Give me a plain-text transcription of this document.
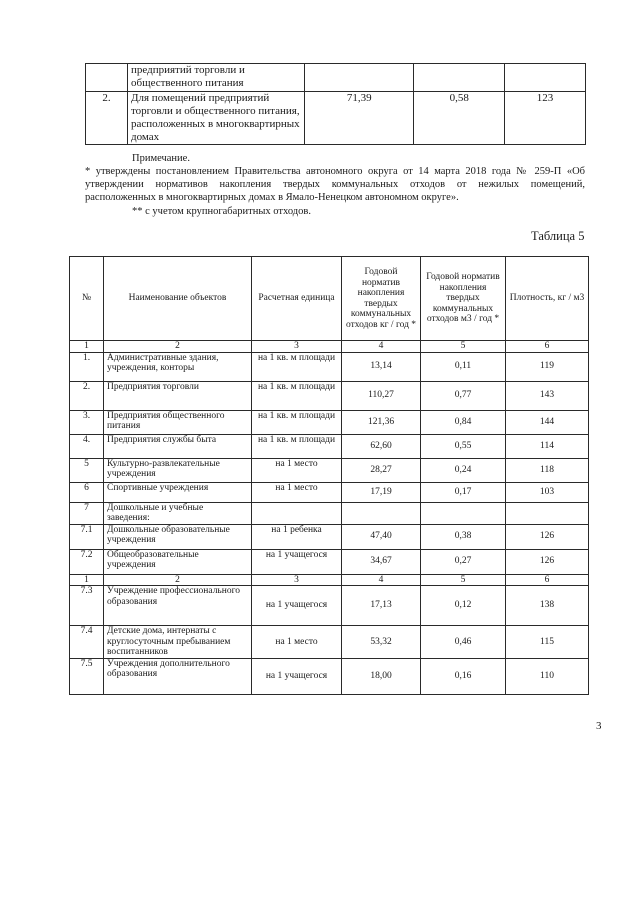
	предприятий торговли и общественного питания			
2.	Для помещений предприятий торговли и общественного питания, расположенных в многоквартирных домах	71,39	0,58	123
Примечание.
* утверждены постановлением Правительства автономного округа от 14 марта 2018 года № 259-П «Об утверждении нормативов накопления твердых коммунальных отходов от нежилых помещений, расположенных в многоквартирных домах в Ямало-Ненецком автономном округе».
** с учетом крупногабаритных отходов.
Таблица 5
№	Наименование объектов	Расчетная единица	Годовой норматив накопления твердых коммунальных отходов кг / год *	Годовой норматив накопления твердых коммунальных отходов м3 / год *	Плотность, кг / м3
1	2	3	4	5	6
1.	Административные здания, учреждения, конторы	на 1 кв. м площади	13,14	0,11	119
2.	Предприятия торговли	на 1 кв. м площади	110,27	0,77	143
3.	Предприятия общественного питания	на 1 кв. м площади	121,36	0,84	144
4.	Предприятия службы быта	на 1 кв. м площади	62,60	0,55	114
5	Культурно-развлекательные учреждения	на 1 место	28,27	0,24	118
6	Спортивные учреждения	на 1 место	17,19	0,17	103
7	Дошкольные и учебные заведения:				
7.1	Дошкольные образовательные учреждения	на 1 ребенка	47,40	0,38	126
7.2	Общеобразовательные учреждения	на 1 учащегося	34,67	0,27	126
1	2	3	4	5	6
7.3	Учреждение профессионального образования	на 1 учащегося	17,13	0,12	138
7.4	Детские дома, интернаты с круглосуточным пребыванием воспитанников	на 1 место	53,32	0,46	115
7.5	Учреждения дополнительного образования	на 1 учащегося	18,00	0,16	110
3
